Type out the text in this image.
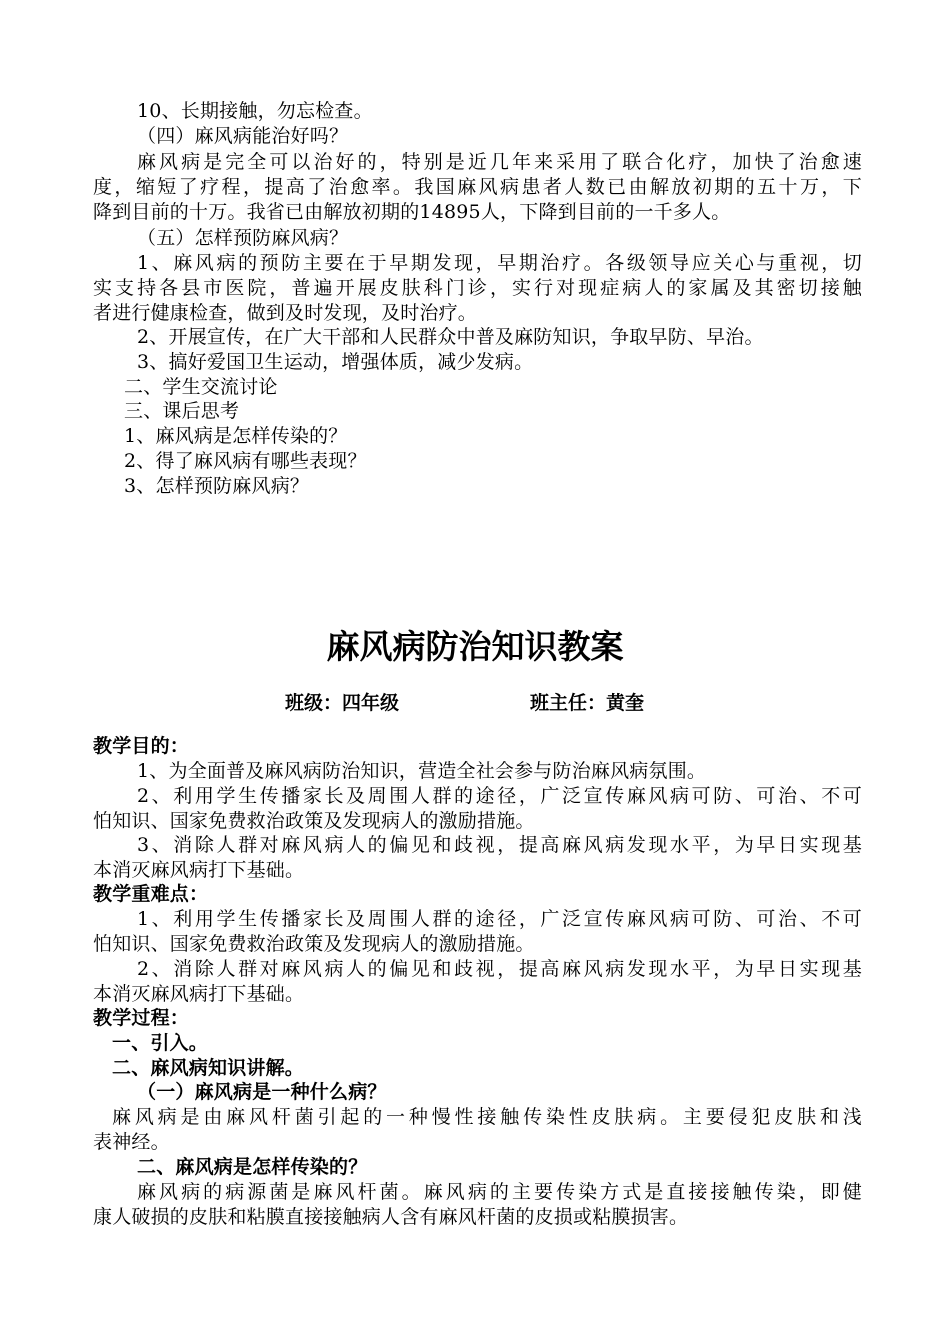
10、长期接触，勿忘检查。
（四）麻风病能治好吗？
麻风病是完全可以治好的，特别是近几年来采用了联合化疗，加快了治愈速
度，缩短了疗程，提高了治愈率。我国麻风病患者人数已由解放初期的五十万，下
降到目前的十万。我省已由解放初期的14895人，下降到目前的一千多人。
（五）怎样预防麻风病？
1、麻风病的预防主要在于早期发现，早期治疗。各级领导应关心与重视，切
实支持各县市医院，普遍开展皮肤科门诊，实行对现症病人的家属及其密切接触
者进行健康检查，做到及时发现，及时治疗。
2、开展宣传，在广大干部和人民群众中普及麻防知识，争取早防、早治。
3、搞好爱国卫生运动，增强体质，减少发病。
二、学生交流讨论
三、课后思考
1、麻风病是怎样传染的？
2、得了麻风病有哪些表现？
3、怎样预防麻风病？
麻风病防治知识教案
班级：四年级	班主任：黄奎
教学目的：
1、为全面普及麻风病防治知识，营造全社会参与防治麻风病氛围。
2、利用学生传播家长及周围人群的途径，广泛宣传麻风病可防、可治、不可
怕知识、国家免费救治政策及发现病人的激励措施。
3、消除人群对麻风病人的偏见和歧视，提高麻风病发现水平，为早日实现基
本消灭麻风病打下基础。
教学重难点：
1、利用学生传播家长及周围人群的途径，广泛宣传麻风病可防、可治、不可
怕知识、国家免费救治政策及发现病人的激励措施。
2、消除人群对麻风病人的偏见和歧视，提高麻风病发现水平，为早日实现基
本消灭麻风病打下基础。
教学过程：
一、引入。
二、麻风病知识讲解。
（一）麻风病是一种什么病？
麻风病是由麻风杆菌引起的一种慢性接触传染性皮肤病。主要侵犯皮肤和浅
表神经。
二、麻风病是怎样传染的？
麻风病的病源菌是麻风杆菌。麻风病的主要传染方式是直接接触传染，即健
康人破损的皮肤和粘膜直接接触病人含有麻风杆菌的皮损或粘膜损害。
